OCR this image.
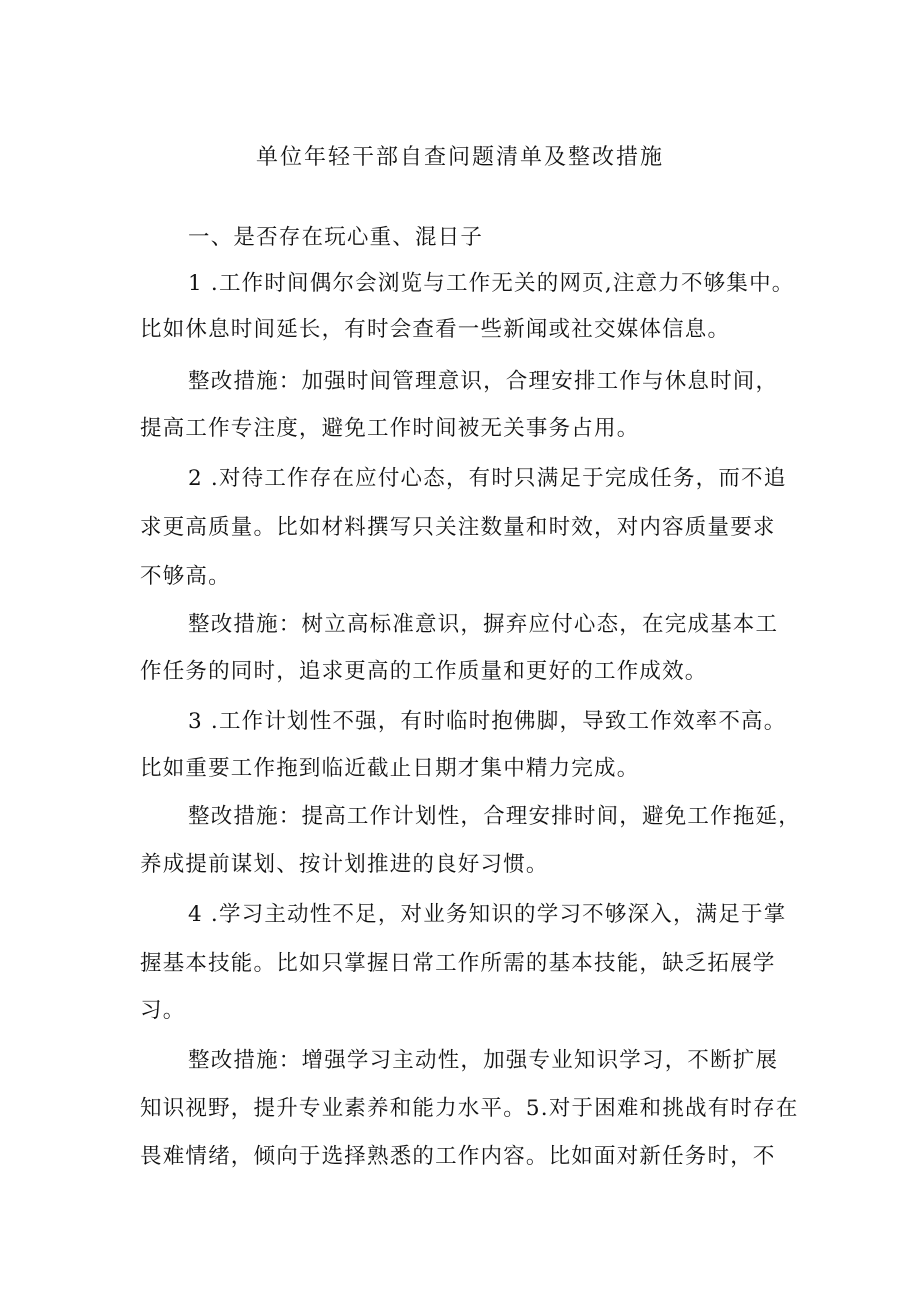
单位年轻干部自查问题清单及整改措施
一、是否存在玩心重、混日子
1 .工作时间偶尔会浏览与工作无关的网页,注意力不够集中。
比如休息时间延长，有时会查看一些新闻或社交媒体信息。
整改措施：加强时间管理意识，合理安排工作与休息时间，
提高工作专注度，避免工作时间被无关事务占用。
2 .对待工作存在应付心态，有时只满足于完成任务，而不追
求更高质量。比如材料撰写只关注数量和时效，对内容质量要求
不够高。
整改措施：树立高标准意识，摒弃应付心态，在完成基本工
作任务的同时，追求更高的工作质量和更好的工作成效。
3 .工作计划性不强，有时临时抱佛脚，导致工作效率不高。
比如重要工作拖到临近截止日期才集中精力完成。
整改措施：提高工作计划性，合理安排时间，避免工作拖延，
养成提前谋划、按计划推进的良好习惯。
4 .学习主动性不足，对业务知识的学习不够深入，满足于掌
握基本技能。比如只掌握日常工作所需的基本技能，缺乏拓展学
习。
整改措施：增强学习主动性，加强专业知识学习，不断扩展
知识视野，提升专业素养和能力水平。5.对于困难和挑战有时存在
畏难情绪，倾向于选择熟悉的工作内容。比如面对新任务时，不
